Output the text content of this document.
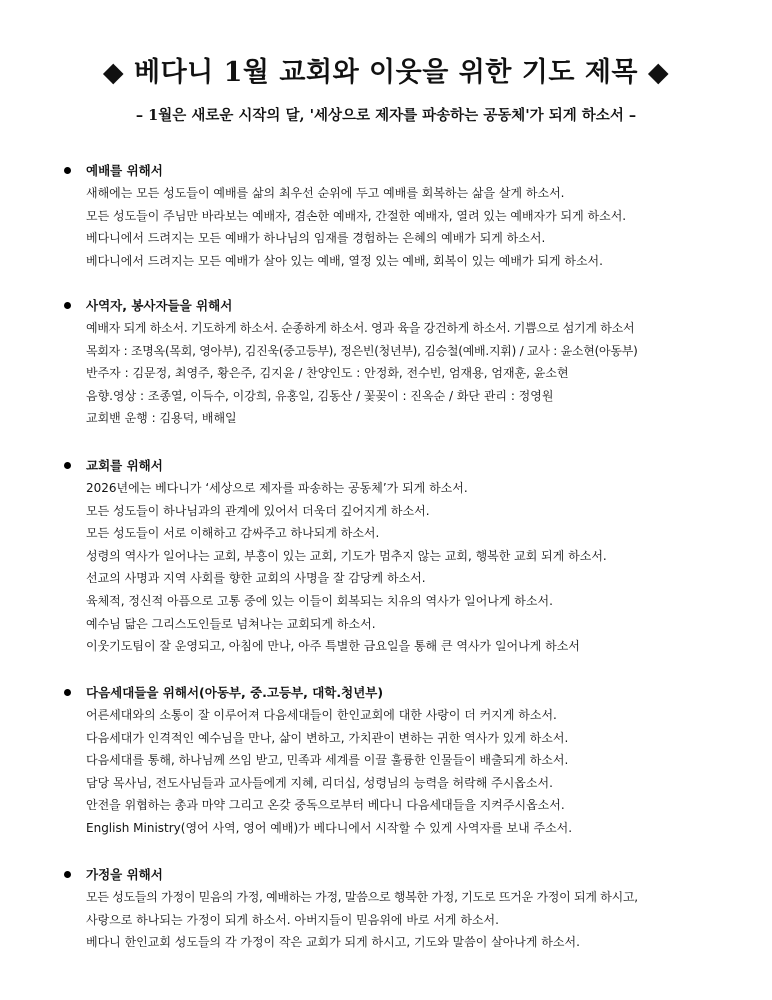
◆ 베다니 1월 교회와 이웃을 위한 기도 제목 ◆
– 1월은 새로운 시작의 달, '세상으로 제자를 파송하는 공동체'가 되게 하소서 –
예배를 위해서
새해에는 모든 성도들이 예배를 삶의 최우선 순위에 두고 예배를 회복하는 삶을 살게 하소서.
모든 성도들이 주님만 바라보는 예배자, 겸손한 예배자, 간절한 예배자, 열려 있는 예배자가 되게 하소서.
베다니에서 드려지는 모든 예배가 하나님의 임재를 경험하는 은혜의 예배가 되게 하소서.
베다니에서 드려지는 모든 예배가 살아 있는 예배, 열정 있는 예배, 회복이 있는 예배가 되게 하소서.
사역자, 봉사자들을 위해서
예배자 되게 하소서. 기도하게 하소서. 순종하게 하소서. 영과 육을 강건하게 하소서. 기쁨으로 섬기게 하소서
목회자 : 조명옥(목회, 영아부), 김진욱(중고등부), 정은빈(청년부), 김승철(예배.지휘) / 교사 : 윤소현(아동부)
반주자 : 김문정, 최영주, 황은주, 김지윤 / 찬양인도 : 안정화, 전수빈, 엄재용, 엄재훈, 윤소현
음향.영상 : 조종열, 이득수, 이강희, 유홍일, 김동산 / 꽃꽂이 : 진옥순 / 화단 관리 : 정영원
교회밴 운행 : 김용덕, 배해일
교회를 위해서
2026년에는 베다니가 ‘세상으로 제자를 파송하는 공동체’가 되게 하소서.
모든 성도들이 하나님과의 관계에 있어서 더욱더 깊어지게 하소서.
모든 성도들이 서로 이해하고 감싸주고 하나되게 하소서.
성령의 역사가 일어나는 교회, 부흥이 있는 교회, 기도가 멈추지 않는 교회, 행복한 교회 되게 하소서.
선교의 사명과 지역 사회를 향한 교회의 사명을 잘 감당케 하소서.
육체적, 정신적 아픔으로 고통 중에 있는 이들이 회복되는 치유의 역사가 일어나게 하소서.
예수님 닮은 그리스도인들로 넘쳐나는 교회되게 하소서.
이웃기도팀이 잘 운영되고, 아침에 만나, 아주 특별한 금요일을 통해 큰 역사가 일어나게 하소서
다음세대들을 위해서(아동부, 중.고등부, 대학.청년부)
어른세대와의 소통이 잘 이루어져 다음세대들이 한인교회에 대한 사랑이 더 커지게 하소서.
다음세대가 인격적인 예수님을 만나, 삶이 변하고, 가치관이 변하는 귀한 역사가 있게 하소서.
다음세대를 통해, 하나님께 쓰임 받고, 민족과 세계를 이끌 훌륭한 인물들이 배출되게 하소서.
담당 목사님, 전도사님들과 교사들에게 지혜, 리더십, 성령님의 능력을 허락해 주시옵소서.
안전을 위협하는 총과 마약 그리고 온갖 중독으로부터 베다니 다음세대들을 지켜주시옵소서.
English Ministry(영어 사역, 영어 예배)가 베다니에서 시작할 수 있게 사역자를 보내 주소서.
가정을 위해서
모든 성도들의 가정이 믿음의 가정, 예배하는 가정, 말씀으로 행복한 가정, 기도로 뜨거운 가정이 되게 하시고,
사랑으로 하나되는 가정이 되게 하소서. 아버지들이 믿음위에 바로 서게 하소서.
베다니 한인교회 성도들의 각 가정이 작은 교회가 되게 하시고, 기도와 말씀이 살아나게 하소서.
